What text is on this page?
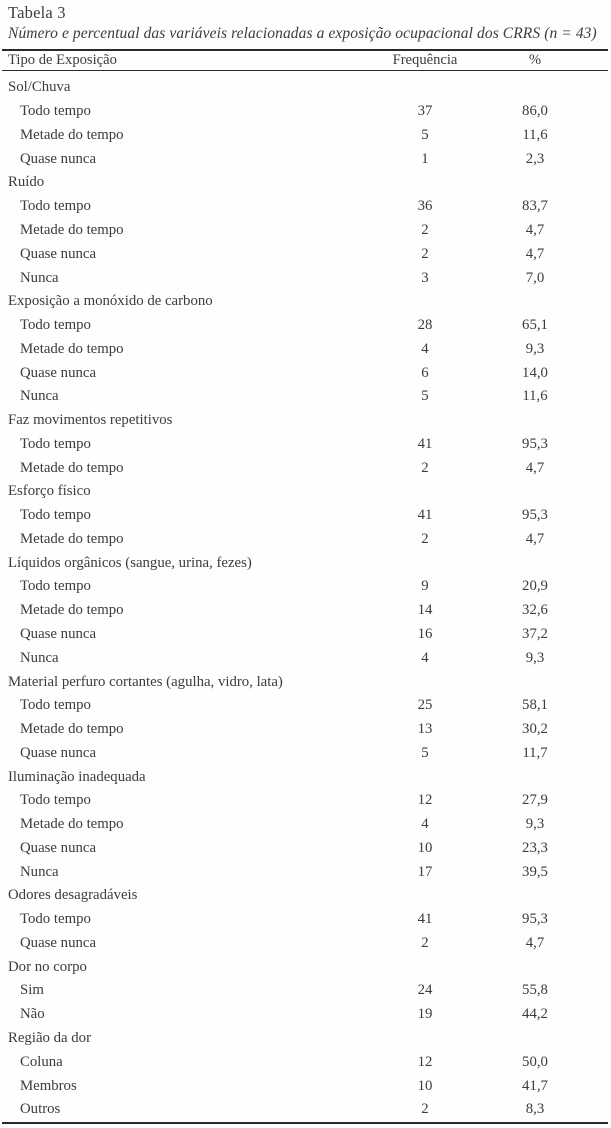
Tabela 3
Número e percentual das variáveis relacionadas a exposição ocupacional dos CRRS (n = 43)
Tipo de Exposição	Frequência	%
Sol/Chuva
Todo tempo	37	86,0
Metade do tempo	5	11,6
Quase nunca	1	2,3
Ruído
Todo tempo	36	83,7
Metade do tempo	2	4,7
Quase nunca	2	4,7
Nunca	3	7,0
Exposição a monóxido de carbono
Todo tempo	28	65,1
Metade do tempo	4	9,3
Quase nunca	6	14,0
Nunca	5	11,6
Faz movimentos repetitivos
Todo tempo	41	95,3
Metade do tempo	2	4,7
Esforço físico
Todo tempo	41	95,3
Metade do tempo	2	4,7
Líquidos orgânicos (sangue, urina, fezes)
Todo tempo	9	20,9
Metade do tempo	14	32,6
Quase nunca	16	37,2
Nunca	4	9,3
Material perfuro cortantes (agulha, vidro, lata)
Todo tempo	25	58,1
Metade do tempo	13	30,2
Quase nunca	5	11,7
Iluminação inadequada
Todo tempo	12	27,9
Metade do tempo	4	9,3
Quase nunca	10	23,3
Nunca	17	39,5
Odores desagradáveis
Todo tempo	41	95,3
Quase nunca	2	4,7
Dor no corpo
Sim	24	55,8
Não	19	44,2
Região da dor
Coluna	12	50,0
Membros	10	41,7
Outros	2	8,3
